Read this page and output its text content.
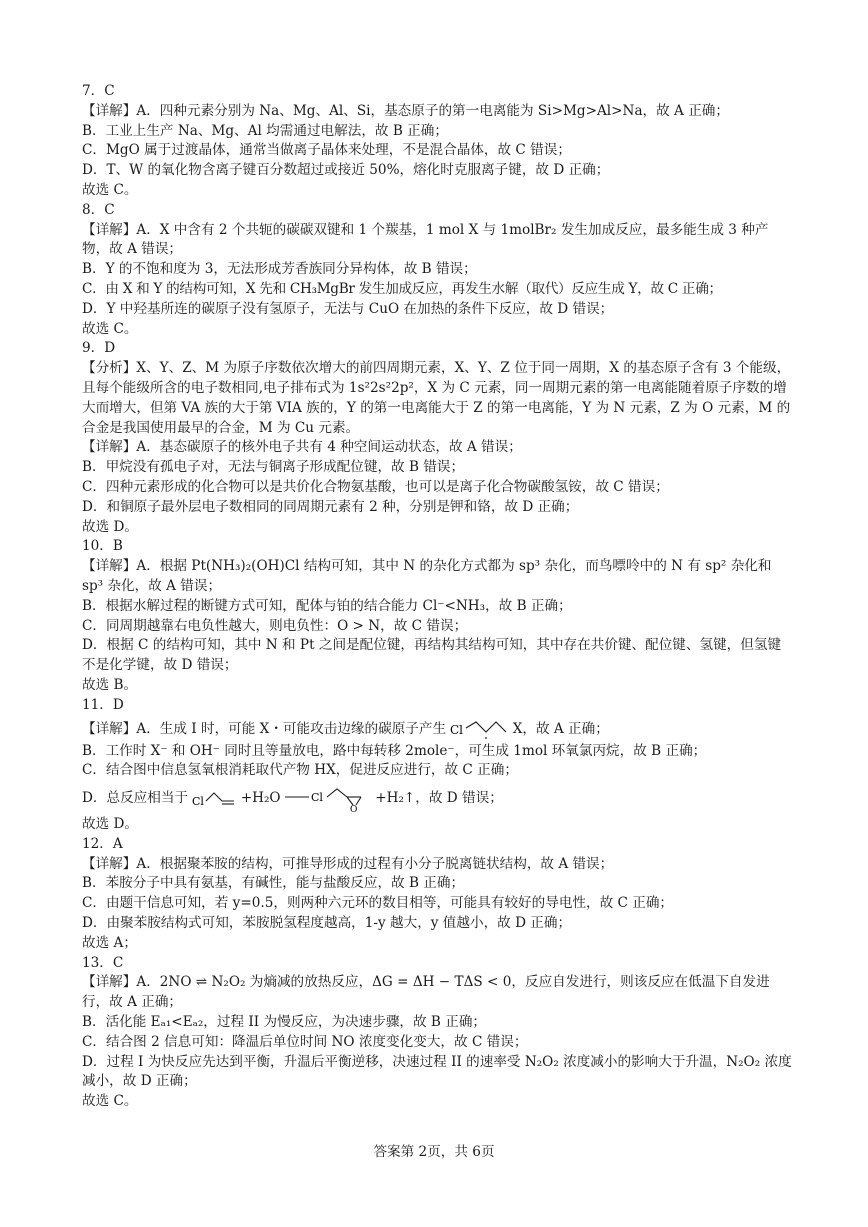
7．C

【详解】A．四种元素分别为 Na、Mg、Al、Si，基态原子的第一电离能为 Si>Mg>Al>Na，故 A 正确；

B．工业上生产 Na、Mg、Al 均需通过电解法，故 B 正确；

C．MgO 属于过渡晶体，通常当做离子晶体来处理，不是混合晶体，故 C 错误；

D．T、W 的氧化物含离子键百分数超过或接近 50%，熔化时克服离子键，故 D 正确；

故选 C。

8．C

【详解】A．X 中含有 2 个共轭的碳碳双键和 1 个羰基，1 mol X 与 1molBr₂ 发生加成反应，最多能生成 3 种产物，故 A 错误；

B．Y 的不饱和度为 3，无法形成芳香族同分异构体，故 B 错误；

C．由 X 和 Y 的结构可知，X 先和 CH₃MgBr 发生加成反应，再发生水解（取代）反应生成 Y，故 C 正确；

D．Y 中羟基所连的碳原子没有氢原子，无法与 CuO 在加热的条件下反应，故 D 错误；

故选 C。

9．D

【分析】X、Y、Z、M 为原子序数依次增大的前四周期元素，X、Y、Z 位于同一周期，X 的基态原子含有 3 个能级，且每个能级所含的电子数相同,电子排布式为 1s²2s²2p²，X 为 C 元素，同一周期元素的第一电离能随着原子序数的增大而增大，但第 VA 族的大于第 VIA 族的，Y 的第一电离能大于 Z 的第一电离能，Y 为 N 元素，Z 为 O 元素，M 的合金是我国使用最早的合金，M 为 Cu 元素。

【详解】A．基态碳原子的核外电子共有 4 种空间运动状态，故 A 错误；

B．甲烷没有孤电子对，无法与铜离子形成配位键，故 B 错误；

C．四种元素形成的化合物可以是共价化合物氨基酸，也可以是离子化合物碳酸氢铵，故 C 错误；

D．和铜原子最外层电子数相同的同周期元素有 2 种，分别是钾和铬，故 D 正确；

故选 D。

10．B

【详解】A．根据 Pt(NH₃)₂(OH)Cl 结构可知，其中 N 的杂化方式都为 sp³ 杂化，而鸟嘌呤中的 N 有 sp² 杂化和 sp³ 杂化，故 A 错误；

B．根据水解过程的断键方式可知，配体与铂的结合能力 Cl⁻<NH₃，故 B 正确；

C．同周期越靠右电负性越大，则电负性：O > N，故 C 错误；

D．根据 C 的结构可知，其中 N 和 Pt 之间是配位键，再结构其结构可知，其中存在共价键、配位键、氢键，但氢键不是化学键，故 D 错误；

故选 B。

11．D

【详解】A．生成 I 时，可能 X・可能攻击边缘的碳原子产生 Cl	X，故 A 正确；

B．工作时 X⁻ 和 OH⁻ 同时且等量放电，路中每转移 2mole⁻，可生成 1mol 环氧氯丙烷，故 B 正确；

C．结合图中信息氢氧根消耗取代产物 HX，促进反应进行，故 C 正确；

D．总反应相当于 Cl	+H₂O	Cl
O
+H₂↑，故 D 错误；

故选 D。

12．A

【详解】A．根据聚苯胺的结构，可推导形成的过程有小分子脱离链状结构，故 A 错误；

B．苯胺分子中具有氨基，有碱性，能与盐酸反应，故 B 正确；

C．由题干信息可知，若 y=0.5，则两种六元环的数目相等，可能具有较好的导电性，故 C 正确；

D．由聚苯胺结构式可知，苯胺脱氢程度越高，1-y 越大，y 值越小，故 D 正确；

故选 A；

13．C

【详解】A．2NO ⇌ N₂O₂ 为熵减的放热反应，ΔG = ΔH − TΔS < 0，反应自发进行，则该反应在低温下自发进行，故 A 正确；

B．活化能 Eₐ₁<Eₐ₂，过程 II 为慢反应，为决速步骤，故 B 正确；

C．结合图 2 信息可知：降温后单位时间 NO 浓度变化变大，故 C 错误；

D．过程 I 为快反应先达到平衡，升温后平衡逆移，决速过程 II 的速率受 N₂O₂ 浓度减小的影响大于升温，N₂O₂ 浓度减小，故 D 正确；

故选 C。

答案第 2页，共 6页
